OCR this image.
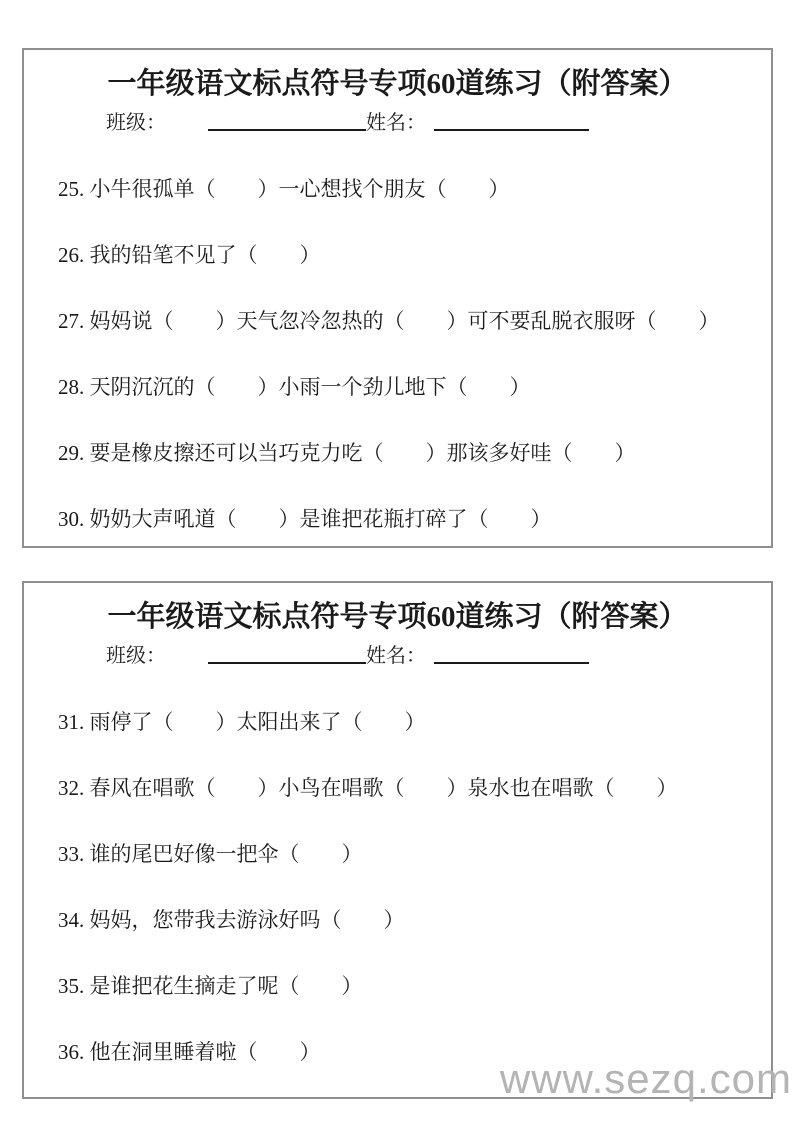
一年级语文标点符号专项60道练习（附答案）
班级：	姓名：
25. 小牛很孤单（　　）一心想找个朋友（　　）
26. 我的铅笔不见了（　　）
27. 妈妈说（　　）天气忽冷忽热的（　　）可不要乱脱衣服呀（　　）
28. 天阴沉沉的（　　）小雨一个劲儿地下（　　）
29. 要是橡皮擦还可以当巧克力吃（　　）那该多好哇（　　）
30. 奶奶大声吼道（　　）是谁把花瓶打碎了（　　）
一年级语文标点符号专项60道练习（附答案）
班级：	姓名：
31. 雨停了（　　）太阳出来了（　　）
32. 春风在唱歌（　　）小鸟在唱歌（　　）泉水也在唱歌（　　）
33. 谁的尾巴好像一把伞（　　）
34. 妈妈，您带我去游泳好吗（　　）
35. 是谁把花生摘走了呢（　　）
36. 他在洞里睡着啦（　　）
www.sezq.com
